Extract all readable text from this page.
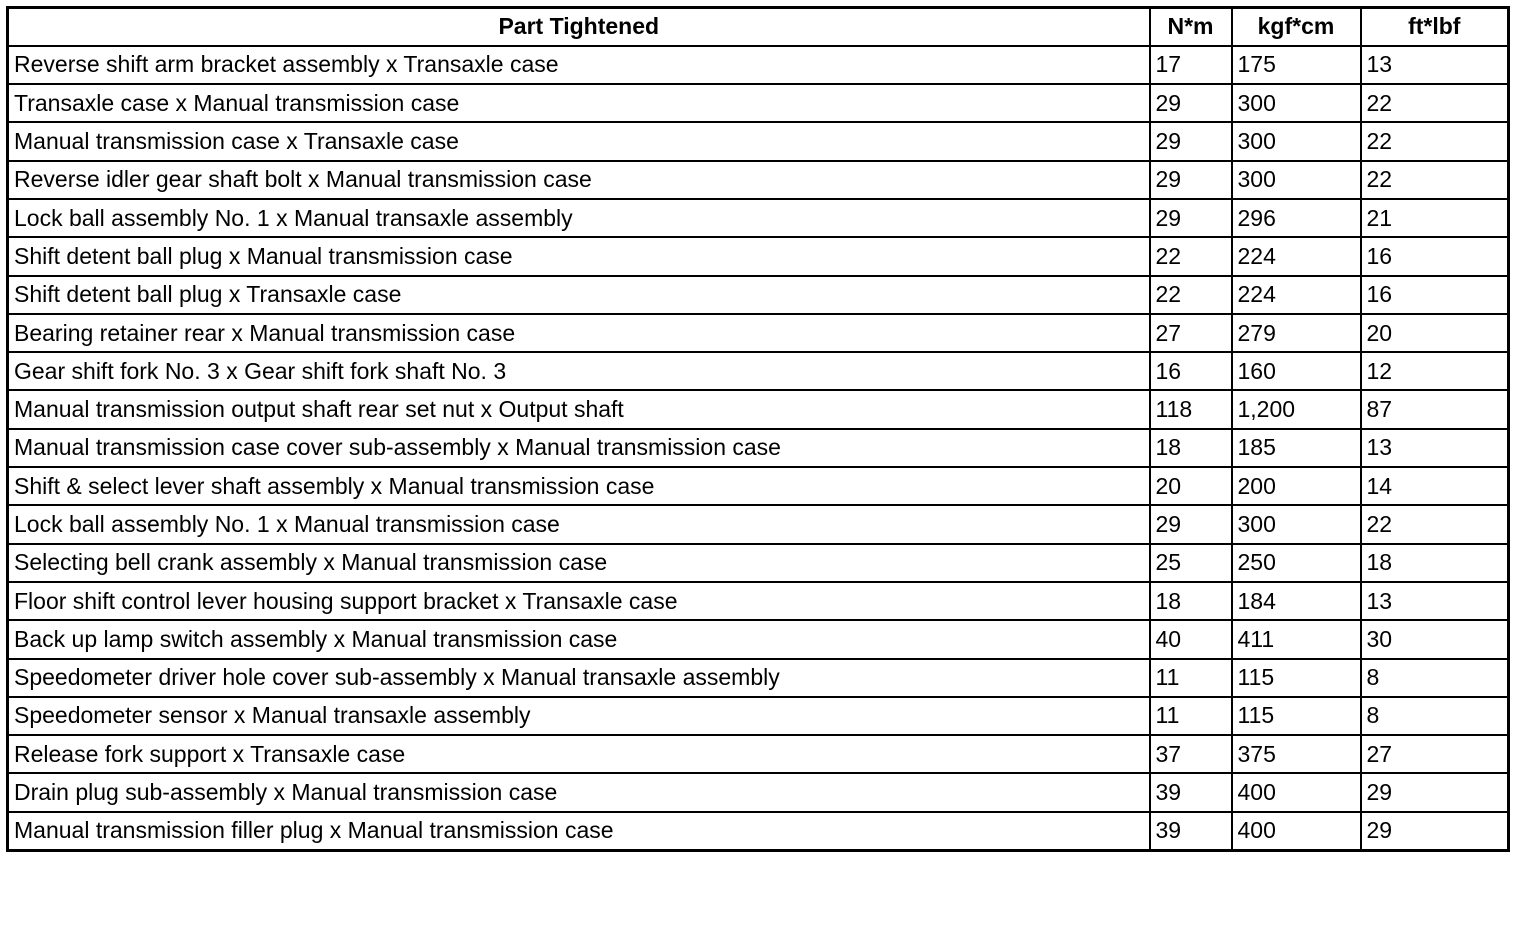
Part Tightened	N*m	kgf*cm	ft*lbf
Reverse shift arm bracket assembly x Transaxle case	17	175	13
Transaxle case x Manual transmission case	29	300	22
Manual transmission case x Transaxle case	29	300	22
Reverse idler gear shaft bolt x Manual transmission case	29	300	22
Lock ball assembly No. 1 x Manual transaxle assembly	29	296	21
Shift detent ball plug x Manual transmission case	22	224	16
Shift detent ball plug x Transaxle case	22	224	16
Bearing retainer rear x Manual transmission case	27	279	20
Gear shift fork No. 3 x Gear shift fork shaft No. 3	16	160	12
Manual transmission output shaft rear set nut x Output shaft	118	1,200	87
Manual transmission case cover sub-assembly x Manual transmission case	18	185	13
Shift & select lever shaft assembly x Manual transmission case	20	200	14
Lock ball assembly No. 1 x Manual transmission case	29	300	22
Selecting bell crank assembly x Manual transmission case	25	250	18
Floor shift control lever housing support bracket x Transaxle case	18	184	13
Back up lamp switch assembly x Manual transmission case	40	411	30
Speedometer driver hole cover sub-assembly x Manual transaxle assembly	11	115	8
Speedometer sensor x Manual transaxle assembly	11	115	8
Release fork support x Transaxle case	37	375	27
Drain plug sub-assembly x Manual transmission case	39	400	29
Manual transmission filler plug x Manual transmission case	39	400	29
